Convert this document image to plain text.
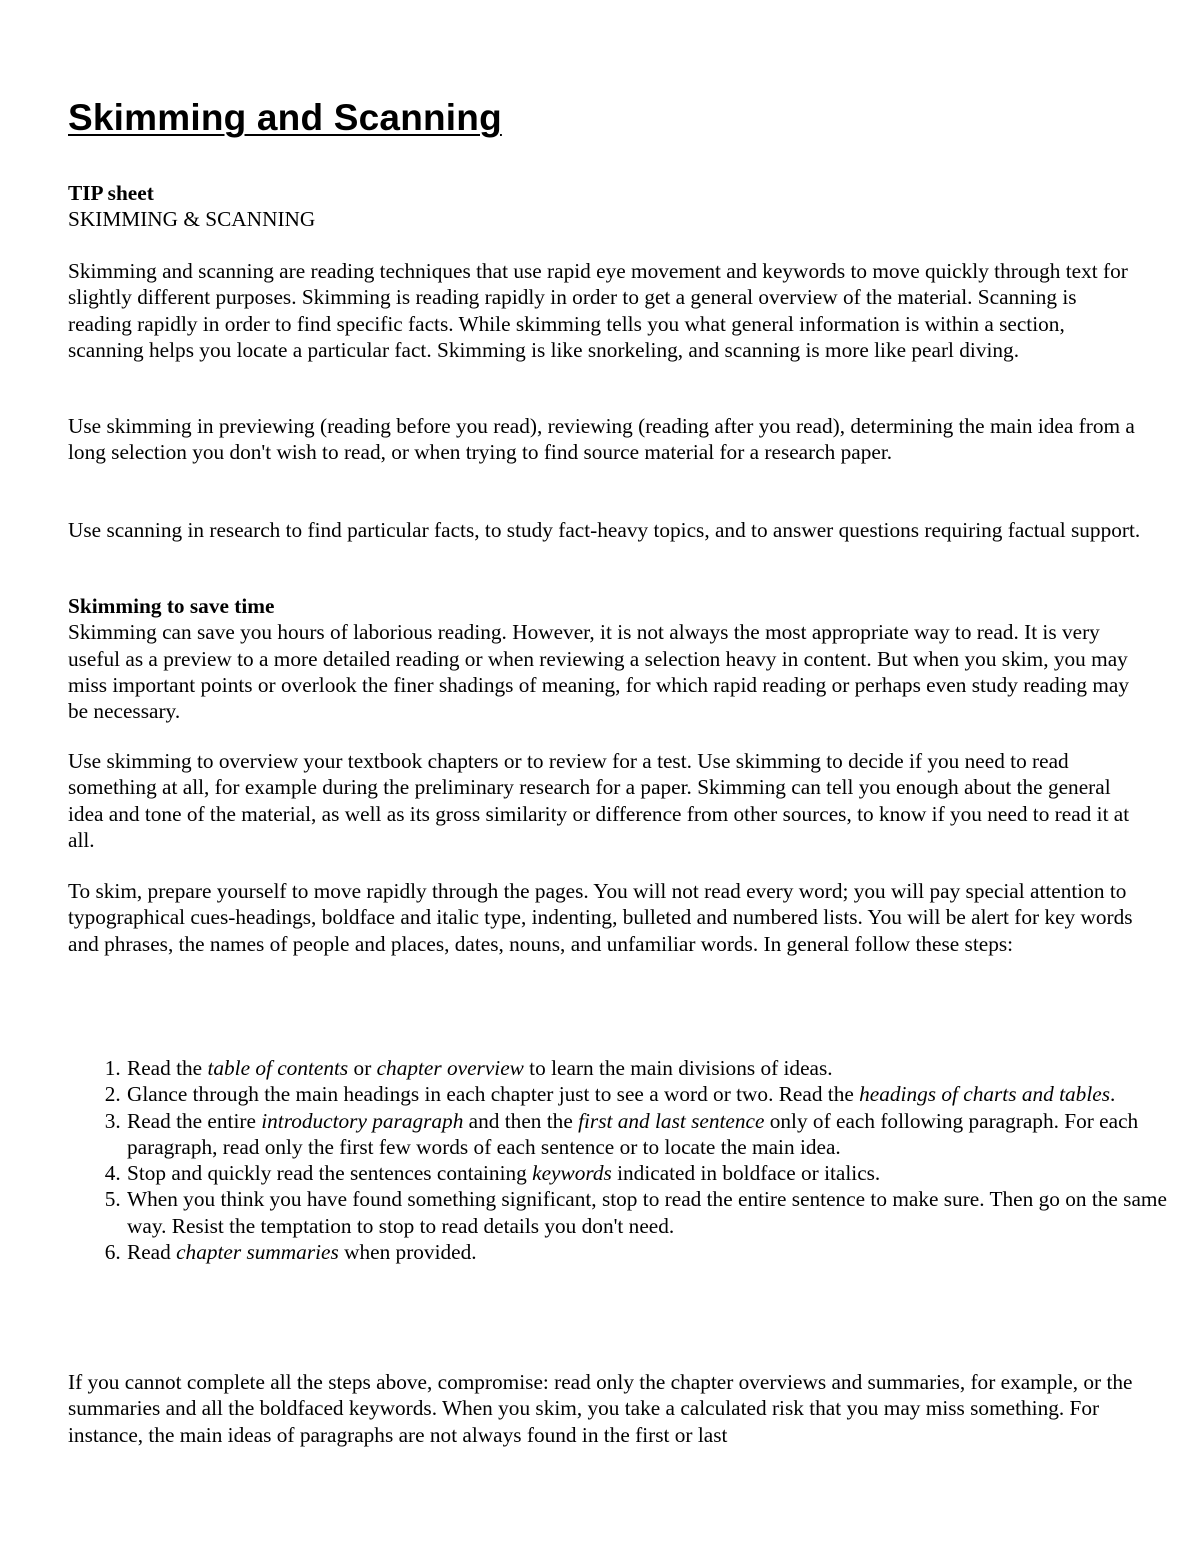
Skimming and Scanning

TIP sheet

SKIMMING & SCANNING

Skimming and scanning are reading techniques that use rapid eye movement and keywords to move quickly through text for slightly different purposes. Skimming is reading rapidly in order to get a general overview of the material. Scanning is reading rapidly in order to find specific facts. While skimming tells you what general information is within a section, scanning helps you locate a particular fact. Skimming is like snorkeling, and scanning is more like pearl diving.

Use skimming in previewing (reading before you read), reviewing (reading after you read), determining the main idea from a long selection you don't wish to read, or when trying to find source material for a research paper.

Use scanning in research to find particular facts, to study fact-heavy topics, and to answer questions requiring factual support.

Skimming to save time

Skimming can save you hours of laborious reading. However, it is not always the most appropriate way to read. It is very useful as a preview to a more detailed reading or when reviewing a selection heavy in content. But when you skim, you may miss important points or overlook the finer shadings of meaning, for which rapid reading or perhaps even study reading may be necessary.

Use skimming to overview your textbook chapters or to review for a test. Use skimming to decide if you need to read something at all, for example during the preliminary research for a paper. Skimming can tell you enough about the general idea and tone of the material, as well as its gross similarity or difference from other sources, to know if you need to read it at all.

To skim, prepare yourself to move rapidly through the pages. You will not read every word; you will pay special attention to typographical cues-headings, boldface and italic type, indenting, bulleted and numbered lists. You will be alert for key words and phrases, the names of people and places, dates, nouns, and unfamiliar words. In general follow these steps:

1. Read the table of contents or chapter overview to learn the main divisions of ideas.
2. Glance through the main headings in each chapter just to see a word or two. Read the headings of charts and tables.
3. Read the entire introductory paragraph and then the first and last sentence only of each following paragraph. For each paragraph, read only the first few words of each sentence or to locate the main idea.
4. Stop and quickly read the sentences containing keywords indicated in boldface or italics.
5. When you think you have found something significant, stop to read the entire sentence to make sure. Then go on the same way. Resist the temptation to stop to read details you don't need.
6. Read chapter summaries when provided.

If you cannot complete all the steps above, compromise: read only the chapter overviews and summaries, for example, or the summaries and all the boldfaced keywords. When you skim, you take a calculated risk that you may miss something. For instance, the main ideas of paragraphs are not always found in the first or last
